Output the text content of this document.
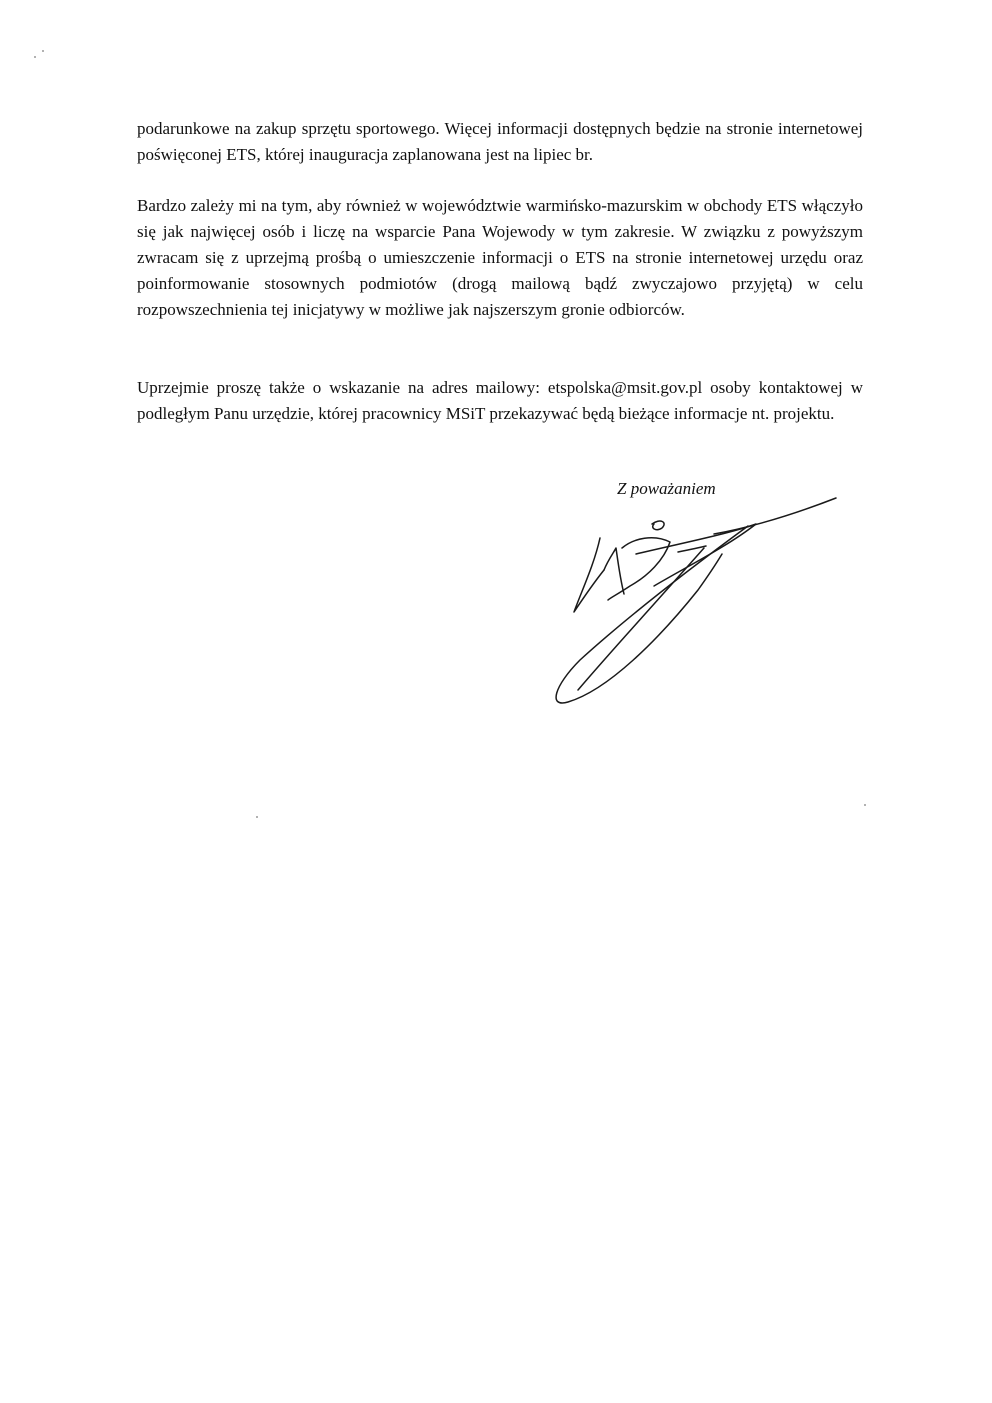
podarunkowe na zakup sprzętu sportowego. Więcej informacji dostępnych będzie na stronie internetowej poświęconej ETS, której inauguracja zaplanowana jest na lipiec br.

Bardzo zależy mi na tym, aby również w województwie warmińsko-mazurskim w obchody ETS włączyło się jak najwięcej osób i liczę na wsparcie Pana Wojewody w tym zakresie. W związku z powyższym zwracam się z uprzejmą prośbą o umieszczenie informacji o ETS na stronie internetowej urzędu oraz poinformowanie stosownych podmiotów (drogą mailową bądź zwyczajowo przyjętą) w celu rozpowszechnienia tej inicjatywy w możliwe jak najszerszym gronie odbiorców.

Uprzejmie proszę także o wskazanie na adres mailowy: etspolska@msit.gov.pl osoby kontaktowej w podległym Panu urzędzie, której pracownicy MSiT przekazywać będą bieżące informacje nt. projektu.

Z poważaniem
